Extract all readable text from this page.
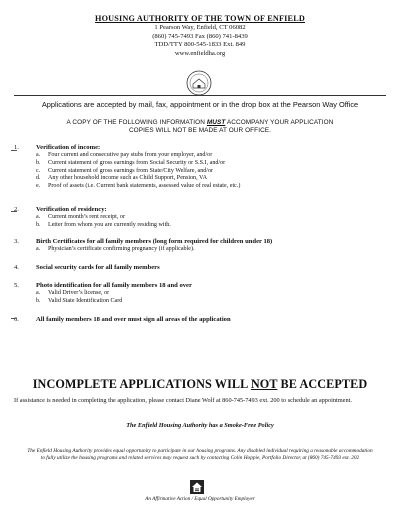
HOUSING AUTHORITY OF THE TOWN OF ENFIELD
1 Pearson Way, Enfield, CT 06082
(860) 745-7493 Fax (860) 741-8439
TDD/TTY 800-545-1833 Ext. 849
www.enfieldha.org
Applications are accepted by mail, fax, appointment or in the drop box at the Pearson Way Office
A COPY OF THE FOLLOWING INFORMATION MUST ACCOMPANY YOUR APPLICATION
COPIES WILL NOT BE MADE AT OUR OFFICE.
1.	Verification of income:
a. Four current and consecutive pay stubs from your employer, and/or
b. Current statement of gross earnings from Social Security or S.S.I, and/or
c. Current statement of gross earnings from State/City Welfare, and/or
d. Any other household income such as Child Support, Pension, VA
e. Proof of assets (i.e. Current bank statements, assessed value of real estate, etc.)
2.	Verification of residency:
a. Current month’s rent receipt, or
b. Letter from whom you are currently residing with.
3.	Birth Certificates for all family members (long form required for children under 18)
a. Physician’s certificate confirming pregnancy (if applicable).
4.	Social security cards for all family members
5.	Photo identification for all family members 18 and over
a. Valid Driver’s license, or
b. Valid State Identification Card
6.	All family members 18 and over must sign all areas of the application
INCOMPLETE APPLICATIONS WILL NOT BE ACCEPTED
If assistance is needed in completing the application, please contact Diane Wolf at 860-745-7493 ext. 200 to schedule an appointment.
The Enfield Housing Authority has a Smoke-Free Policy
The Enfield Housing Authority provides equal opportunity to participate in our housing programs. Any disabled individual requiring a reasonable accommodation to fully utilize the housing programs and related services may request such by contacting Colin Hoppie, Portfolio Director, at (860) 745-7493 ext. 202
An Affirmative Action / Equal Opportunity Employer
